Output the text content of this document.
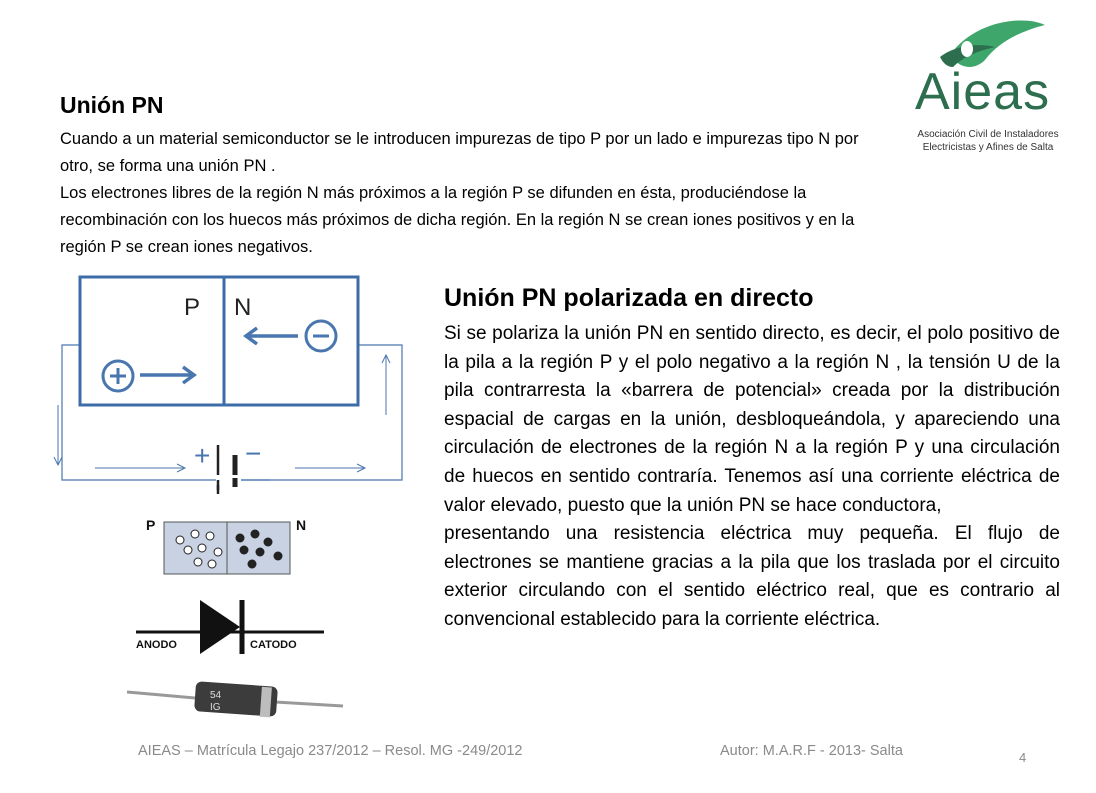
Unión PN

Cuando a un material semiconductor se le introducen impurezas de tipo P por un lado e impurezas tipo N por otro, se forma una unión PN .

Los electrones libres de la región N más próximos a la región P se difunden en ésta, produciéndose la recombinación con los huecos más próximos de dicha región. En la región N se crean iones positivos y en la región P se crean iones negativos.

Aieas
Asociación Civil de Instaladores
Electricistas y Afines de Salta
P N
+ −
P	N
ANODO	CATODO
54
IG
Unión PN polarizada en directo

Si se polariza la unión PN en sentido directo, es decir, el polo positivo de la pila a la región P y el polo negativo a la región N , la tensión U de la pila contrarresta la «barrera de potencial» creada por la distribución espacial de cargas en la unión, desbloqueándola, y apareciendo una circulación de electrones de la región N a la región P y una circulación de huecos en sentido contraría. Tenemos así una corriente eléctrica de valor elevado, puesto que la unión PN se hace conductora,

presentando una resistencia eléctrica muy pequeña. El flujo de electrones se mantiene gracias a la pila que los traslada por el circuito exterior circulando con el sentido eléctrico real, que es contrario al convencional establecido para la corriente eléctrica.

AIEAS – Matrícula Legajo 237/2012 – Resol. MG -249/2012	Autor: M.A.R.F - 2013- Salta	4
